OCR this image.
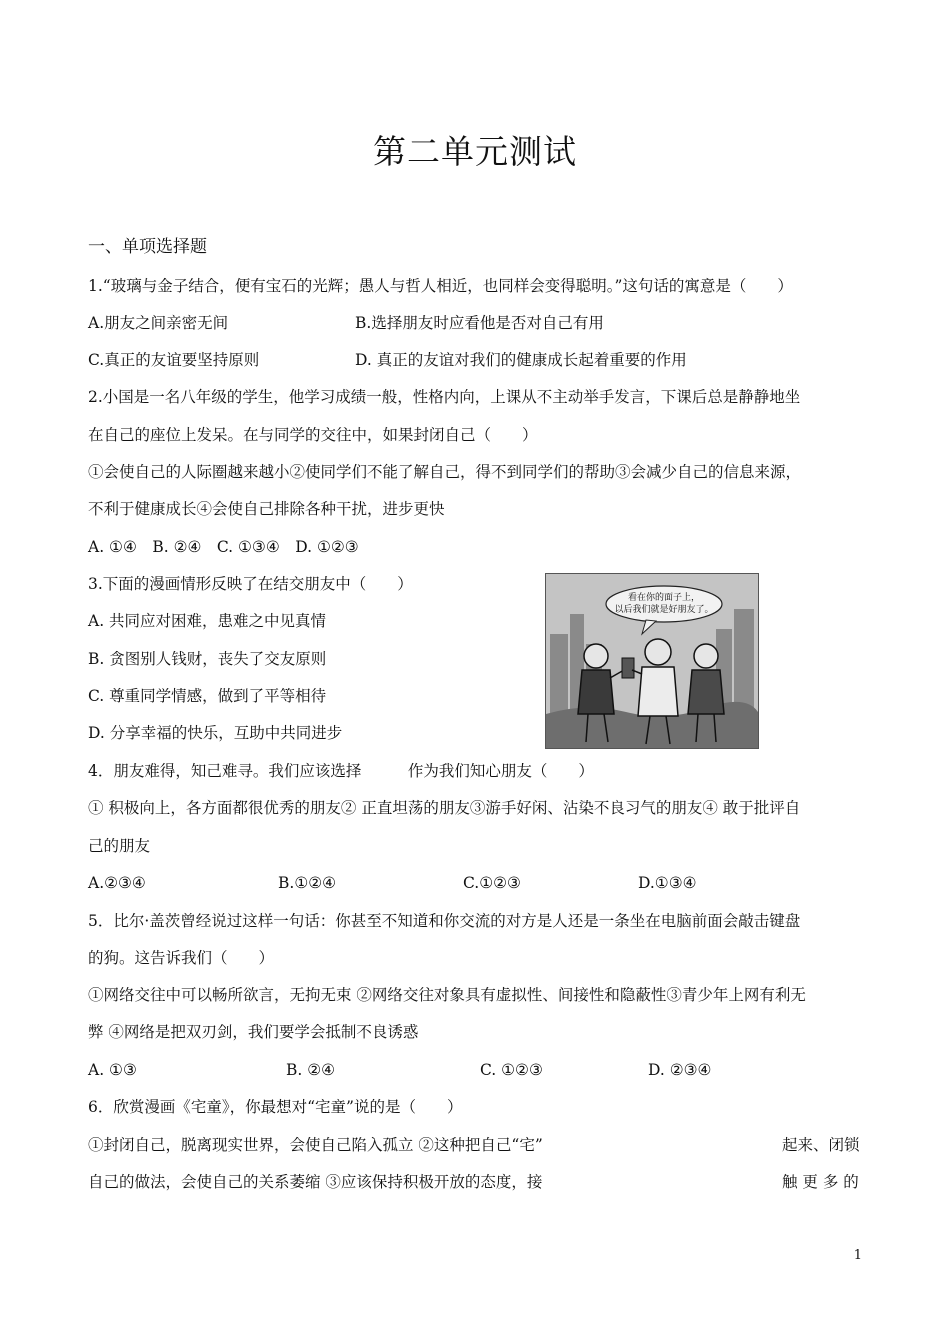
第二单元测试
一、单项选择题
1.“玻璃与金子结合，便有宝石的光辉；愚人与哲人相近，也同样会变得聪明。”这句话的寓意是（　　）
A.朋友之间亲密无间	B.选择朋友时应看他是否对自己有用
C.真正的友谊要坚持原则	D. 真正的友谊对我们的健康成长起着重要的作用
2.小国是一名八年级的学生，他学习成绩一般，性格内向，上课从不主动举手发言，下课后总是静静地坐
在自己的座位上发呆。在与同学的交往中，如果封闭自己（　　）
①会使自己的人际圈越来越小②使同学们不能了解自己，得不到同学们的帮助③会减少自己的信息来源，
不利于健康成长④会使自己排除各种干扰，进步更快
A. ①④　B. ②④　C. ①③④　D. ①②③
3.下面的漫画情形反映了在结交朋友中（　　）
A. 共同应对困难，患难之中见真情
B. 贪图别人钱财，丧失了交友原则
C. 尊重同学情感，做到了平等相待
D. 分享幸福的快乐，互助中共同进步
看在你的面子上，
以后我们就是好朋友了。
4．朋友难得，知己难寻。我们应该选择　　　作为我们知心朋友（　　）
① 积极向上，各方面都很优秀的朋友② 正直坦荡的朋友③游手好闲、沾染不良习气的朋友④ 敢于批评自
己的朋友
A.②③④	B.①②④	C.①②③	D.①③④
5．比尔·盖茨曾经说过这样一句话：你甚至不知道和你交流的对方是人还是一条坐在电脑前面会敲击键盘
的狗。这告诉我们（　　）
①网络交往中可以畅所欲言，无拘无束 ②网络交往对象具有虚拟性、间接性和隐蔽性③青少年上网有利无
弊 ④网络是把双刃剑，我们要学会抵制不良诱惑
A. ①③	B. ②④	C. ①②③	D. ②③④
6．欣赏漫画《宅童》，你最想对“宅童”说的是（　　）
①封闭自己，脱离现实世界，会使自己陷入孤立 ②这种把自己“宅”	起来、闭锁
自己的做法，会使自己的关系萎缩 ③应该保持积极开放的态度，接	触 更 多 的
1
